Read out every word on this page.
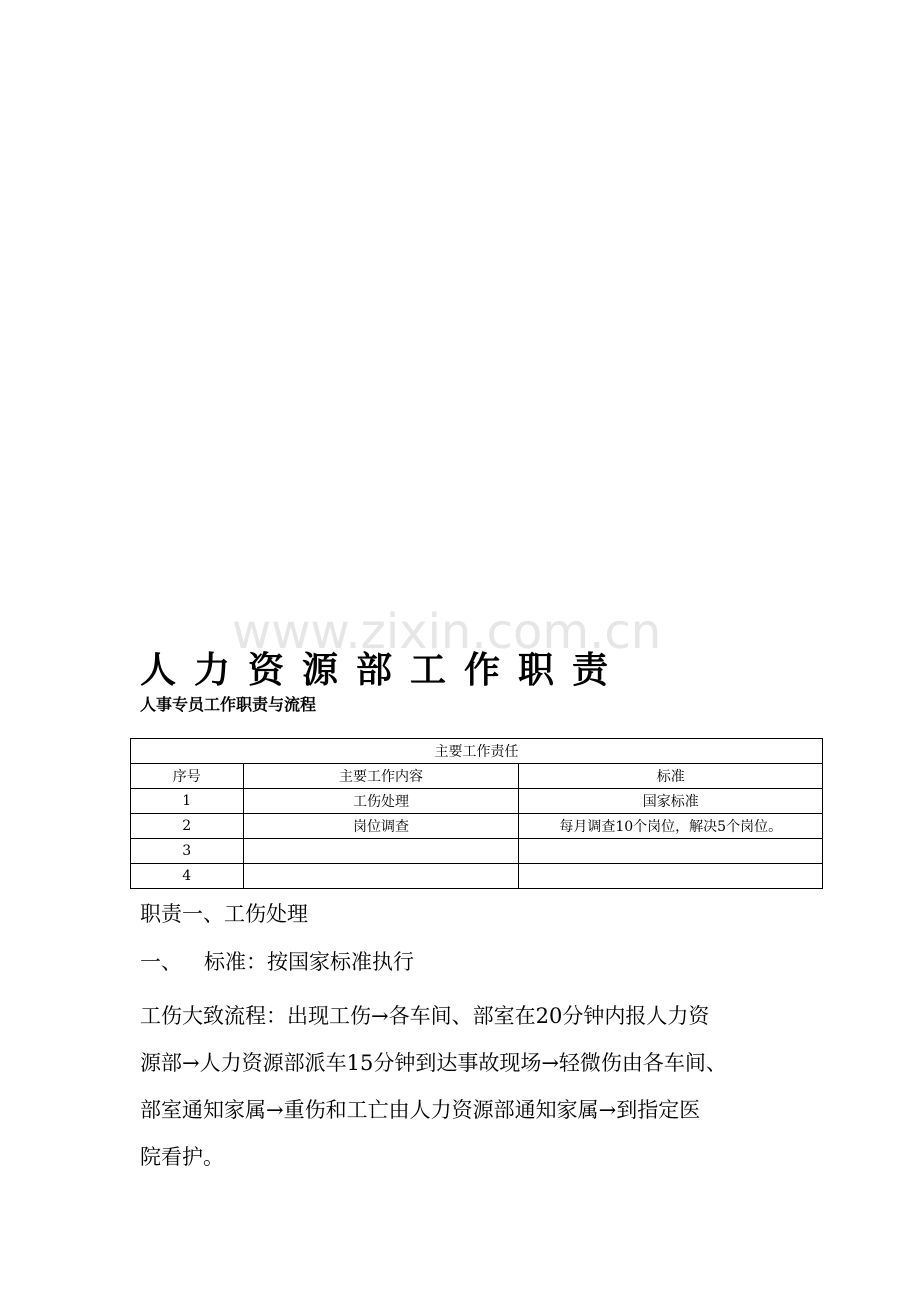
www.zixin.com.cn
人力资源部工作职责
人事专员工作职责与流程
主要工作责任		
序号	主要工作内容	标准
1	工伤处理	国家标准
2	岗位调查	每月调查10个岗位，解决5个岗位。
3		
4		

职责一、工伤处理

一、 标准：按国家标准执行

工伤大致流程：出现工伤→各车间、部室在20分钟内报人力资
源部→人力资源部派车15分钟到达事故现场→轻微伤由各车间、
部室通知家属→重伤和工亡由人力资源部通知家属→到指定医
院看护。
